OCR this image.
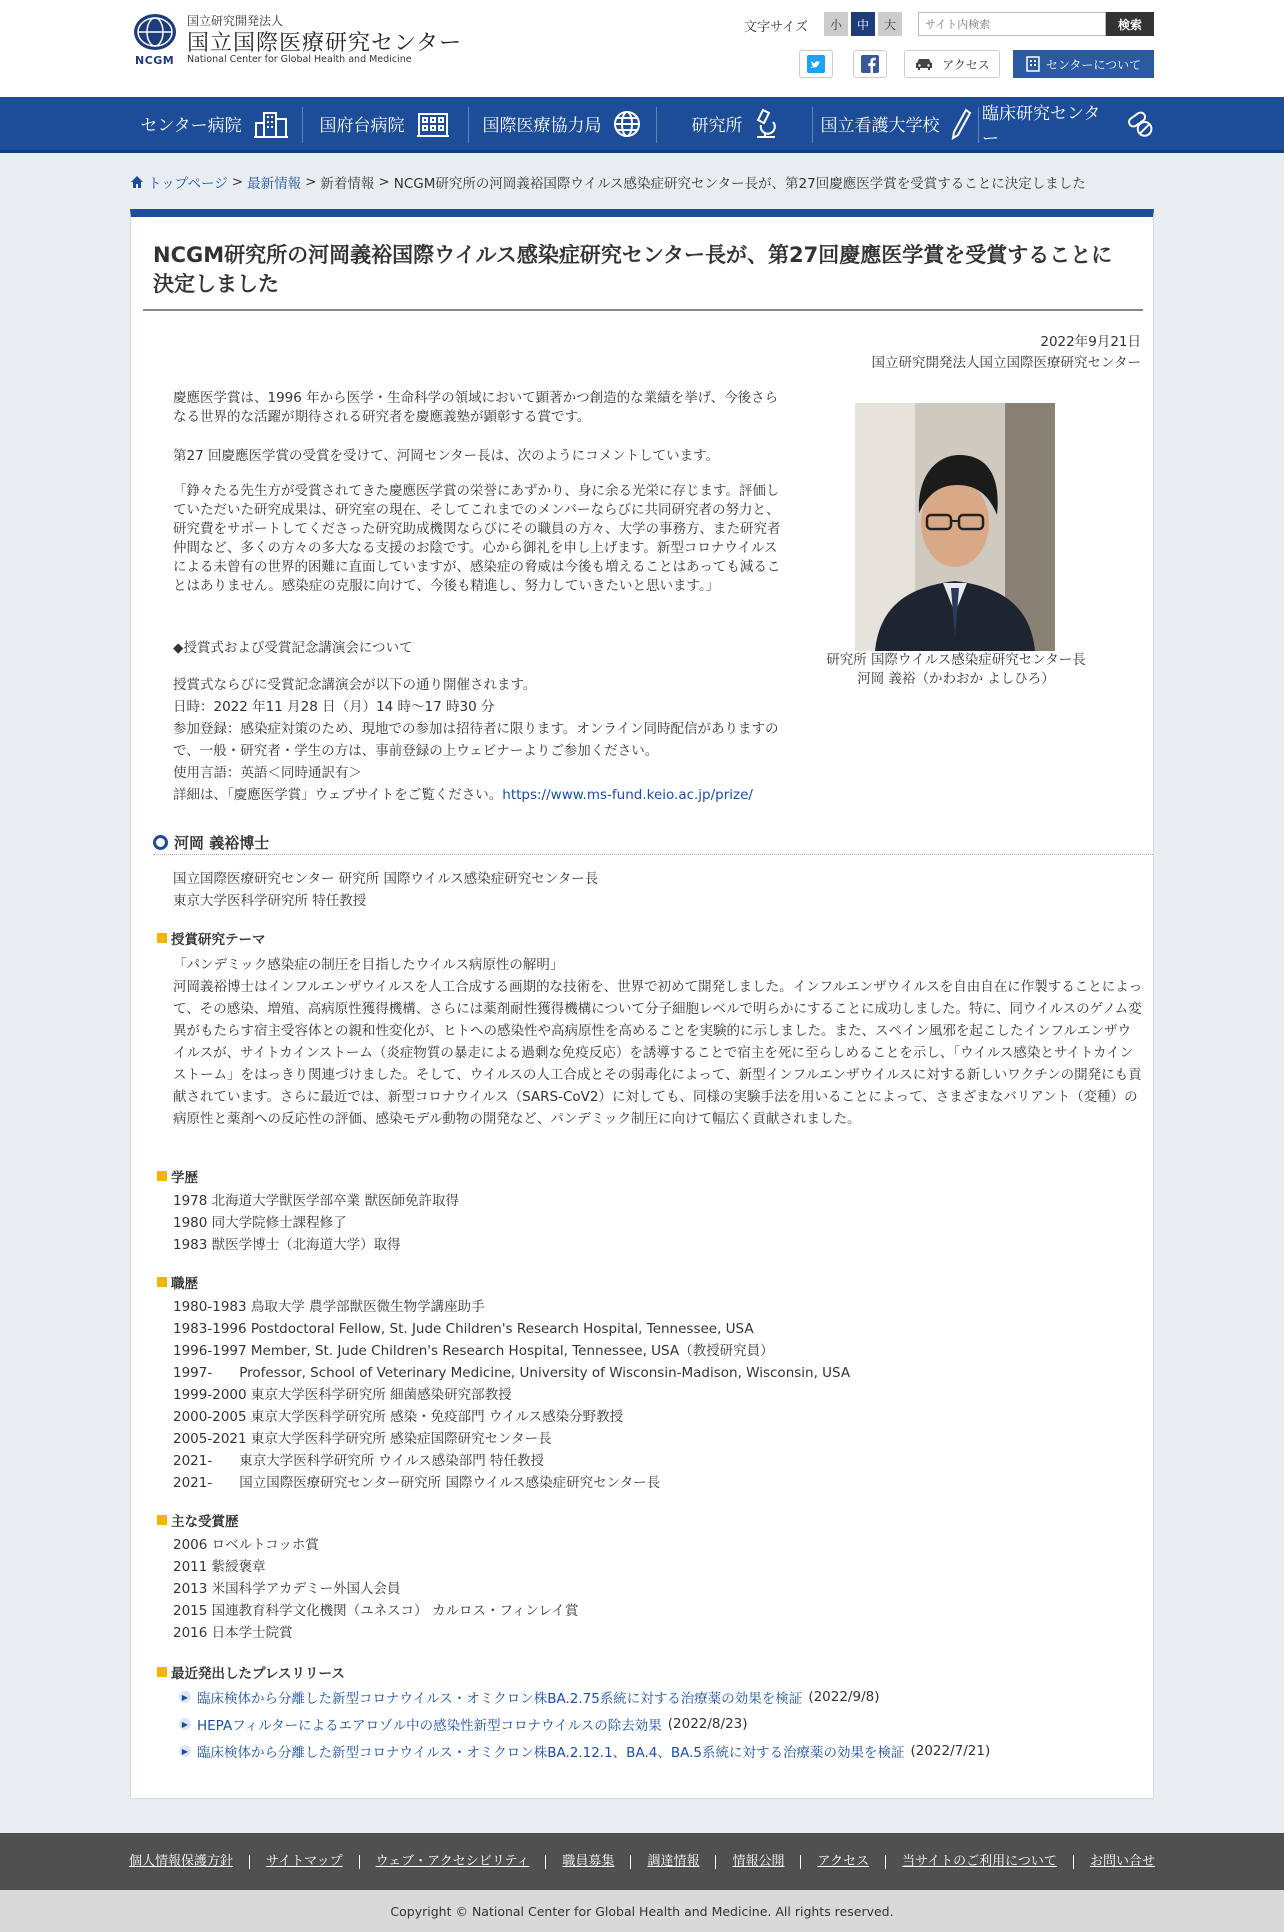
NCGM
国立研究開発法人
国立国際医療研究センター
National Center for Global Health and Medicine
文字サイズ	小	中	大
サイト内検索	検索
アクセス	センターについて
センター病院	国府台病院	国際医療協力局	研究所	国立看護大学校
臨床研究センター
トップページ > 最新情報 > 新着情報 > NCGM研究所の河岡義裕国際ウイルス感染症研究センター長が、第27回慶應医学賞を受賞することに決定しました
NCGM研究所の河岡義裕国際ウイルス感染症研究センター長が、第27回慶應医学賞を受賞することに決定しました
2022年9月21日
国立研究開発法人国立国際医療研究センター

慶應医学賞は、1996 年から医学・生命科学の領域において顕著かつ創造的な業績を挙げ、今後さらなる世界的な活躍が期待される研究者を慶應義塾が顕彰する賞です。

第27 回慶應医学賞の受賞を受けて、河岡センター長は、次のようにコメントしています。

「錚々たる先生方が受賞されてきた慶應医学賞の栄誉にあずかり、身に余る光栄に存じます。評価していただいた研究成果は、研究室の現在、そしてこれまでのメンバーならびに共同研究者の努力と、研究費をサポートしてくださった研究助成機関ならびにその職員の方々、大学の事務方、また研究者仲間など、多くの方々の多大なる支援のお陰です。心から御礼を申し上げます。新型コロナウイルスによる未曾有の世界的困難に直面していますが、感染症の脅威は今後も増えることはあっても減ることはありません。感染症の克服に向けて、今後も精進し、努力していきたいと思います。」

◆授賞式および受賞記念講演会について

授賞式ならびに受賞記念講演会が以下の通り開催されます。
日時：2022 年11 月28 日（月）14 時～17 時30 分
参加登録：感染症対策のため、現地での参加は招待者に限ります。オンライン同時配信がありますので、一般・研究者・学生の方は、事前登録の上ウェビナーよりご参加ください。
使用言語：英語＜同時通訳有＞
詳細は、「慶應医学賞」ウェブサイトをご覧ください。https://www.ms-fund.keio.ac.jp/prize/
研究所 国際ウイルス感染症研究センター長
河岡 義裕（かわおか よしひろ）
河岡 義裕博士
国立国際医療研究センター 研究所 国際ウイルス感染症研究センター長
東京大学医科学研究所 特任教授
授賞研究テーマ
「パンデミック感染症の制圧を目指したウイルス病原性の解明」
河岡義裕博士はインフルエンザウイルスを人工合成する画期的な技術を、世界で初めて開発しました。インフルエンザウイルスを自由自在に作製することによって、その感染、増殖、高病原性獲得機構、さらには薬剤耐性獲得機構について分子細胞レベルで明らかにすることに成功しました。特に、同ウイルスのゲノム変異がもたらす宿主受容体との親和性変化が、ヒトへの感染性や高病原性を高めることを実験的に示しました。また、スペイン風邪を起こしたインフルエンザウイルスが、サイトカインストーム（炎症物質の暴走による過剰な免疫反応）を誘導することで宿主を死に至らしめることを示し、「ウイルス感染とサイトカインストーム」をはっきり関連づけました。そして、ウイルスの人工合成とその弱毒化によって、新型インフルエンザウイルスに対する新しいワクチンの開発にも貢献されています。さらに最近では、新型コロナウイルス（SARS-CoV2）に対しても、同様の実験手法を用いることによって、さまざまなバリアント（変種）の病原性と薬剤への反応性の評価、感染モデル動物の開発など、パンデミック制圧に向けて幅広く貢献されました。
学歴
1978 北海道大学獣医学部卒業 獣医師免許取得
1980 同大学院修士課程修了
1983 獣医学博士（北海道大学）取得
職歴
1980-1983 鳥取大学 農学部獣医微生物学講座助手
1983-1996 Postdoctoral Fellow, St. Jude Children's Research Hospital, Tennessee, USA
1996-1997 Member, St. Jude Children's Research Hospital, Tennessee, USA（教授研究員）
1997-　　Professor, School of Veterinary Medicine, University of Wisconsin-Madison, Wisconsin, USA
1999-2000 東京大学医科学研究所 細菌感染研究部教授
2000-2005 東京大学医科学研究所 感染・免疫部門 ウイルス感染分野教授
2005-2021 東京大学医科学研究所 感染症国際研究センター長
2021-　　東京大学医科学研究所 ウイルス感染部門 特任教授
2021-　　国立国際医療研究センター研究所 国際ウイルス感染症研究センター長
主な受賞歴
2006 ロベルトコッホ賞
2011 紫綬褒章
2013 米国科学アカデミー外国人会員
2015 国連教育科学文化機関（ユネスコ） カルロス・フィンレイ賞
2016 日本学士院賞
最近発出したプレスリリース
▶ 臨床検体から分離した新型コロナウイルス・オミクロン株BA.2.75系統に対する治療薬の効果を検証 (2022/9/8)
▶ HEPAフィルターによるエアロゾル中の感染性新型コロナウイルスの除去効果 (2022/8/23)
▶ 臨床検体から分離した新型コロナウイルス・オミクロン株BA.2.12.1、BA.4、BA.5系統に対する治療薬の効果を検証 (2022/7/21)
個人情報保護方針	サイトマップ	ウェブ・アクセシビリティ	職員募集	調達情報	情報公開	アクセス	当サイトのご利用について	お問い合せ
Copyright © National Center for Global Health and Medicine. All rights reserved.
